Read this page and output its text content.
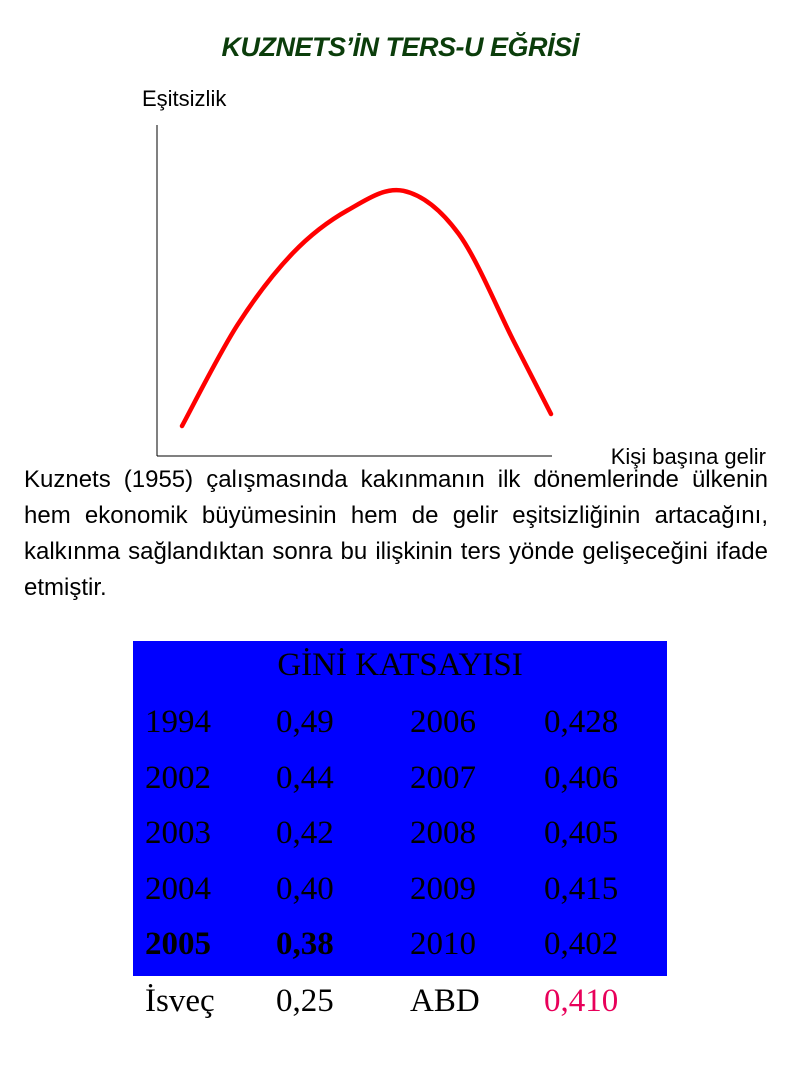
KUZNETS’İN TERS-U EĞRİSİ
Eşitsizlik
Kişi başına gelir

Kuznets (1955) çalışmasında kakınmanın ilk dönemlerinde ülkenin hem ekonomik büyümesinin hem de gelir eşitsizliğinin artacağını, kalkınma sağlandıktan sonra bu ilişkinin ters yönde gelişeceğini ifade etmiştir.

GİNİ KATSAYISI
1994 0,49 2006 0,428
2002 0,44 2007 0,406
2003 0,42 2008 0,405
2004 0,40 2009 0,415
2005 0,38 2010 0,402
İsveç 0,25 ABD 0,410
